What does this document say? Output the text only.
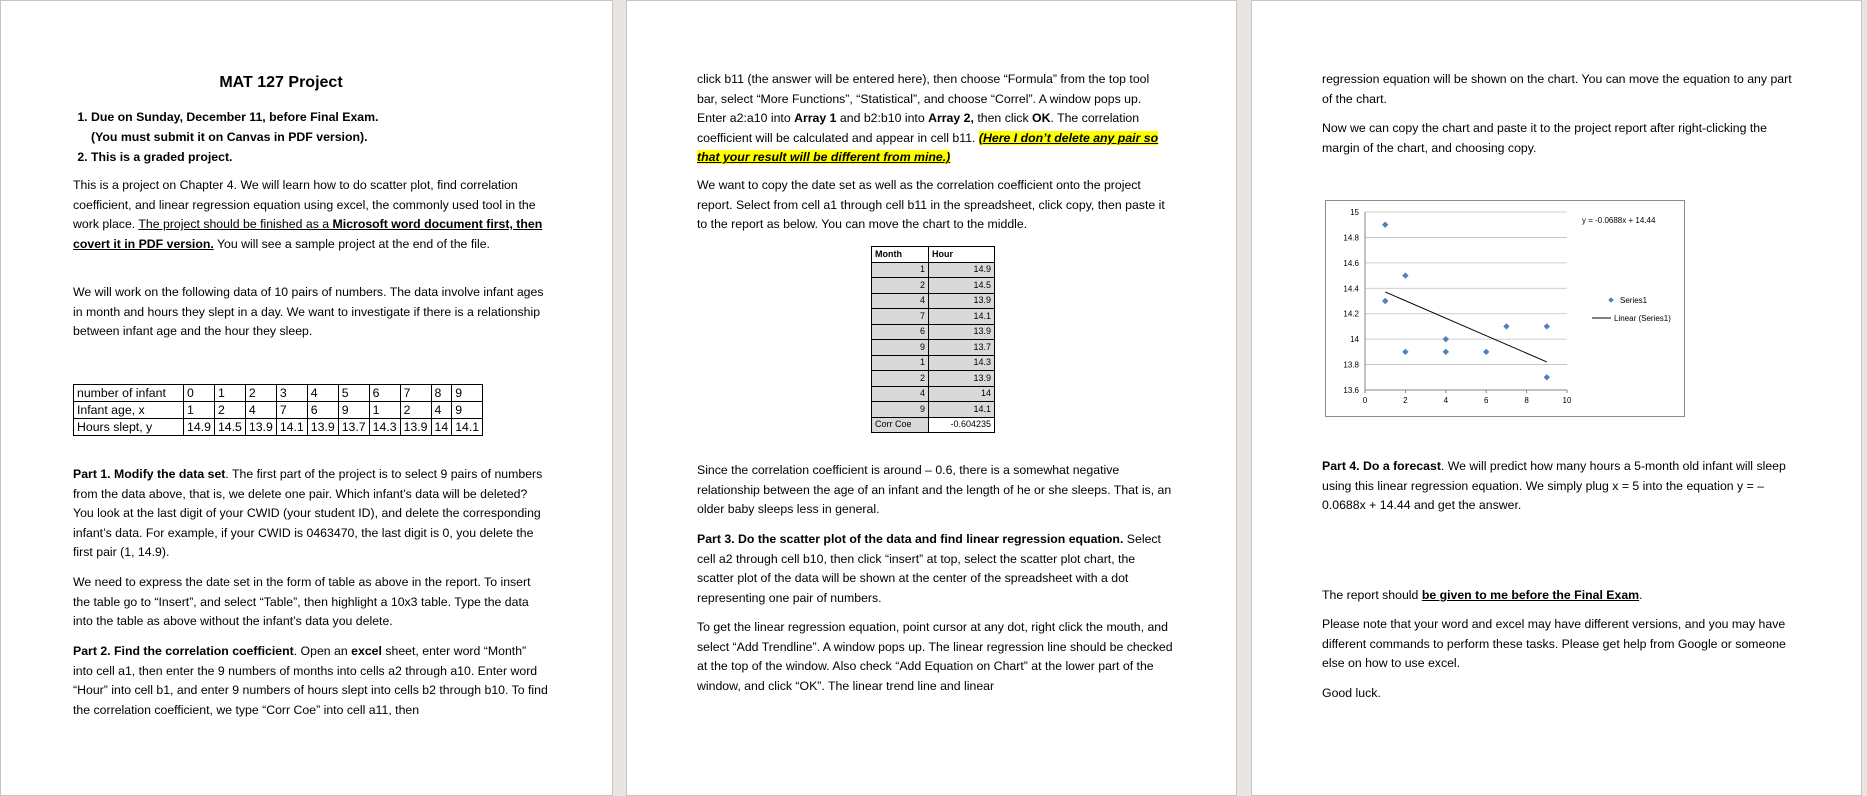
MAT 127 Project
1. Due on Sunday, December 11, before Final Exam.
(You must submit it on Canvas in PDF version).
2. This is a graded project.
This is a project on Chapter 4. We will learn how to do scatter plot, find correlation coefficient, and linear regression equation using excel, the commonly used tool in the work place. The project should be finished as a Microsoft word document first, then covert it in PDF version. You will see a sample project at the end of the file.
We will work on the following data of 10 pairs of numbers. The data involve infant ages in month and hours they slept in a day. We want to investigate if there is a relationship between infant age and the hour they sleep.
number of infant	0	1	2	3	4	5	6	7	8	9
Infant age, x	1	2	4	7	6	9	1	2	4	9
Hours slept, y	14.9	14.5	13.9	14.1	13.9	13.7	14.3	13.9	14	14.1
Part 1. Modify the data set. The first part of the project is to select 9 pairs of numbers from the data above, that is, we delete one pair. Which infant’s data will be deleted? You look at the last digit of your CWID (your student ID), and delete the corresponding infant’s data. For example, if your CWID is 0463470, the last digit is 0, you delete the first pair (1, 14.9).
We need to express the date set in the form of table as above in the report. To insert the table go to “Insert”, and select “Table”, then highlight a 10x3 table. Type the data into the table as above without the infant’s data you delete.
Part 2. Find the correlation coefficient. Open an excel sheet, enter word “Month” into cell a1, then enter the 9 numbers of months into cells a2 through a10. Enter word “Hour” into cell b1, and enter 9 numbers of hours slept into cells b2 through b10. To find the correlation coefficient, we type “Corr Coe” into cell a11, then
click b11 (the answer will be entered here), then choose “Formula” from the top tool bar, select “More Functions”, “Statistical”, and choose “Correl”. A window pops up. Enter a2:a10 into Array 1 and b2:b10 into Array 2, then click OK. The correlation coefficient will be calculated and appear in cell b11. (Here I don’t delete any pair so that your result will be different from mine.)
We want to copy the date set as well as the correlation coefficient onto the project report. Select from cell a1 through cell b11 in the spreadsheet, click copy, then paste it to the report as below. You can move the chart to the middle.
Month	Hour
1	14.9
2	14.5
4	13.9
7	14.1
6	13.9
9	13.7
1	14.3
2	13.9
4	14
9	14.1
Corr Coe	-0.604235
Since the correlation coefficient is around – 0.6, there is a somewhat negative relationship between the age of an infant and the length of he or she sleeps. That is, an older baby sleeps less in general.
Part 3. Do the scatter plot of the data and find linear regression equation. Select cell a2 through cell b10, then click “insert” at top, select the scatter plot chart, the scatter plot of the data will be shown at the center of the spreadsheet with a dot representing one pair of numbers.
To get the linear regression equation, point cursor at any dot, right click the mouth, and select “Add Trendline”. A window pops up. The linear regression line should be checked at the top of the window. Also check “Add Equation on Chart” at the lower part of the window, and click “OK”. The linear trend line and linear
regression equation will be shown on the chart. You can move the equation to any part of the chart.
Now we can copy the chart and paste it to the project report after right-clicking the margin of the chart, and choosing copy.
13.6
13.8
14
14.2
14.4
14.6
14.8
15
0	2	4	6	8	10
y = -0.0688x + 14.44
Series1
Linear (Series1)
Part 4. Do a forecast. We will predict how many hours a 5-month old infant will sleep using this linear regression equation. We simply plug x = 5 into the equation y = –0.0688x + 14.44 and get the answer.
The report should be given to me before the Final Exam.
Please note that your word and excel may have different versions, and you may have different commands to perform these tasks. Please get help from Google or someone else on how to use excel.
Good luck.
